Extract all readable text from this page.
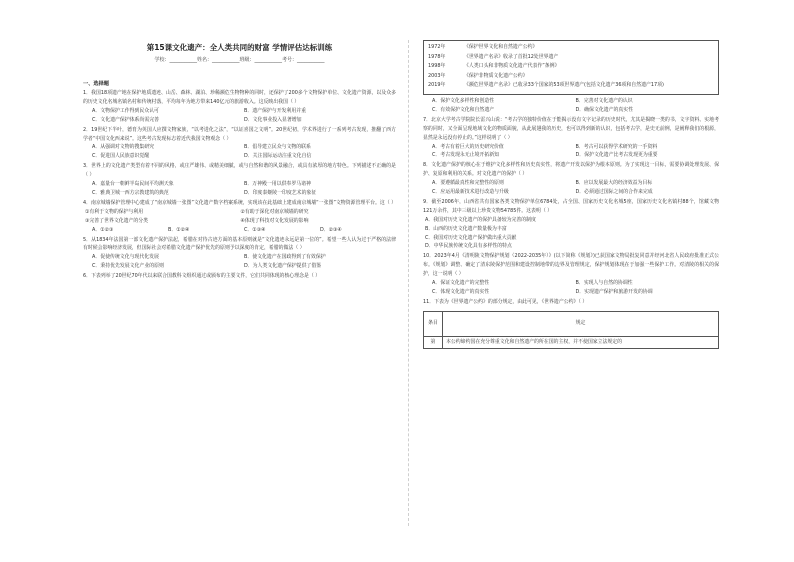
第15课文化遗产：全人类共同的财富 学情评估达标训练
学校：___________姓名：___________班级：___________考号：___________
一、选择题
1．我国18项遗产地在保护地质遗迹、山岳、森林、湖泊、珍稀濒危生物物种的同时，还保护了200多个文物保护单位、文化遗产资源，以及众多的历史文化名城名镇名村和传统村落，平均每年为地方带来140亿元的旅游收入。这反映出我国（ ）
A．文物保护工作得到民众认可	B．遗产保护与开发利用并重
C．文化遗产保护体系尚需完善	D．文化事业投入显著增加
2．19世纪下半叶，德育为英国人应撰文物家族，“以考进化之法”，“以证喜国之文明”。20世纪初，学术界进行了一系列考古发现，推翻了西方学者“中国文化西来说”。这些考古发现标志着近代我国文物观念（ ）
A．从强调对文物的搜集研究	B．倡导建立民众与文物的联系
C．促进国人民族意识觉醒	D．关注国际运动注重文化自信
3．世界上的文化遗产类型有着不同的风格，或庄严雄伟、或精美细腻，或与自然和谐的风景融合，或具有浓厚的地方特色。下列描述不正确的是（ ）
A．嘉量台一朝鲜半岛民间平均测天象	B．万神殿一用以供奉罗马诸神
C．雅典卫城一西方宗教建筑的典范	D．印度泰姬陵一印度艺术的象征
4．南京城墙保护管理中心建成了“南京城墙一张图”文化遗产数字档案系统，实现该在此基础上建成南京城墙“一张图”文物资源管理平台。这（ ）
①有利于文物的保护与利用	②有助于深化对南京城墙的研究
③完善了世界文化遗产的分类	④体现了科技对文化发展的影响
A．①②③	B．①②④	C．①③④	D．②③④
5．从1834年法国第一部文化遗产保护法起，希腊在对待古迹方面的基本原则就是“文化遗迹永远是第一位的”。希望一些人认为过于严格的法律有时候会影响经济发展，但国际社会对希腊文化遗产保护优先的原则予以深度的肯定，希腊的做法（ ）
A．促使传统文化与现代化发展	B．使文化遗产在国政得到了有效保护
C．秉持优先发展文化产业的原则	D．为人类文化遗产保护提供了借鉴
6．下表列举了20世纪70年代以来联合国教科文组织通过或颁布的主要文件，它们共同体现的核心理念是（ ）
1972年	《保护世界文化和自然遗产公约》
1978年	《世界遗产名录》收录了首批12处世界遗产
1998年	《人类口头和非物质文化遗产代表作”条例》
2003年	《保护非物质文化遗产公约》
2019年	《濒危世界遗产名录》已收录33个国家的53项世界遗产(包括文化遗产36项和自然遗产17项)
A．保护文化多样性和创造性	B．完善对文化遗产的认识
C．有效保护文化和自然遗产	D．确保文化遗产的真实性
7．北京大学考古学院院长雷兴山说：“考古学的独特价值在于能揭示没有文字记录的历史时代，尤其是揭晓一类的书，文字资料、实地考察的同时，又全面呈现地域文化的物质面貌，从此展翅我的历史，也可以得到新的认识，包括考古学，是史无前例，是阐释我们的根源，显然是永远没有停止的。”这样说明了（ ）
A．考古有着巨大的历史研究价值	B．考古可以获得学术研究的一手资料
C．考古发现永无止境开拓新知	D．保护文化遗产比考古发现更为重要
8．文化遗产保护的核心在于维护文化多样性和历史真实性，将遗产开发以保护为根本原则。为了实现这一目标，需要协调处理发展、保护、复原和利用的关系。对文化遗产的保护（ ）
A．要遵循最真性和完整性的原则	B．应以发展最大的经济效益为目标
C．应运用最新技术进行改造与升级	D．必须通过国际之间的合作来完成
9．截至2006年，山西省共有国家各类文物保护单位6784处，占全国、国家历史文化名城5座，国家历史文化名镇村88个，馆藏文物121万余件，其中三级以上珍贵文物54785件。这表明（ ）
A．我国对历史文化遗产的保护具备较为完善的制度
B．山西的历史文化遗产数量极为丰富
C．我国对历史文化遗产保护做出重大贡献
D．中华民族传统文化具有多样性的特点
10．2023年4月《清明陵文物保护规划（2022-2035年）》(以下简称《规划》)已获国家文物局批复同意并经河北省人民政府批准正式公布。《规划》调整、确定了清东陵保护范围和建设控制地带的边界及管理规定，保护规划体现在于加强一些保护工作。对清陵的相关的保护，这一说明（ ）
A．保证文化遗产的完整性	B．实现人与自然的协调性
C．体现文化遗产的真实性	D．实现遗产保护和旅游开发的协调
11．下表为《世界遗产公约》的部分规定，由此可见，《世界遗产公约》（ ）
条目	规定
第	本公约缔约国在充分尊重文化和自然遗产的所在国的主权，并不使国家立法规定的
